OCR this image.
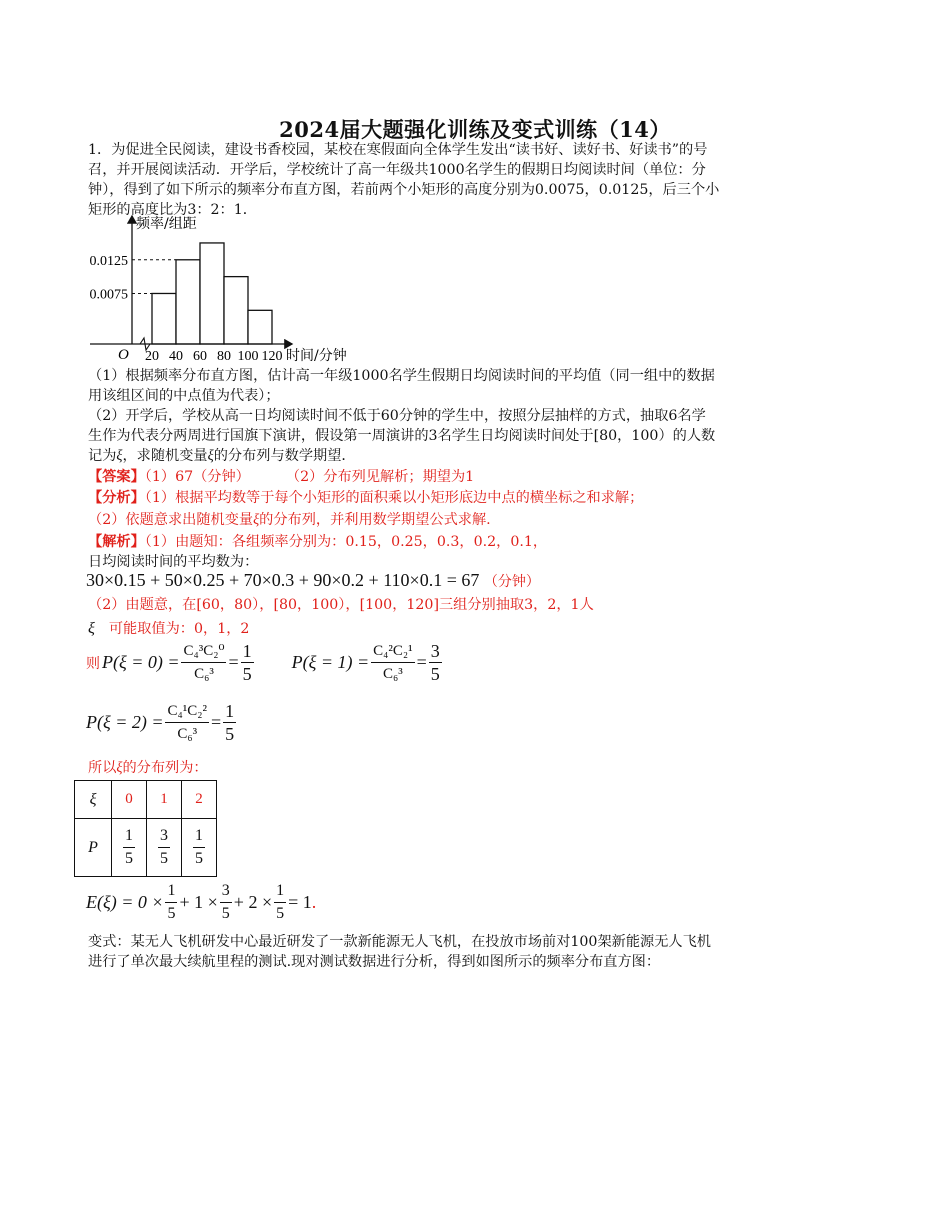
2024届大题强化训练及变式训练（14）
1．为促进全民阅读，建设书香校园，某校在寒假面向全体学生发出“读书好、读好书、好读书”的号
召，并开展阅读活动．开学后，学校统计了高一年级共1000名学生的假期日均阅读时间（单位：分
钟），得到了如下所示的频率分布直方图，若前两个小矩形的高度分别为0.0075，0.0125，后三个小
矩形的高度比为3：2：1．
频率/组距
O	时间/分钟
0.0125
0.0075
20 40 60 80 100 120
（1）根据频率分布直方图，估计高一年级1000名学生假期日均阅读时间的平均值（同一组中的数据
用该组区间的中点值为代表）；
（2）开学后，学校从高一日均阅读时间不低于60分钟的学生中，按照分层抽样的方式，抽取6名学
生作为代表分两周进行国旗下演讲，假设第一周演讲的3名学生日均阅读时间处于[80，100）的人数
记为ξ，求随机变量ξ的分布列与数学期望．
【答案】（1）67（分钟）	（2）分布列见解析；期望为1
【分析】（1）根据平均数等于每个小矩形的面积乘以小矩形底边中点的横坐标之和求解；
（2）依题意求出随机变量ξ的分布列，并利用数学期望公式求解.
【解析】（1）由题知：各组频率分别为：0.15，0.25，0.3，0.2，0.1，
日均阅读时间的平均数为：
30×0.15 + 50×0.25 + 70×0.3 + 90×0.2 + 110×0.1 = 67 （分钟）
（2）由题意，在[60，80），[80，100），[100，120]三组分别抽取3，2，1人
ξ 可能取值为：0，1，2
则 $P(\xi = 0) = \frac{\text{C₄³C₂⁰}}{\text{C₆³}} = \frac{1}{5} P(\xi = 1) = \frac{\text{C₄²C₂¹}}{\text{C₆³}} = \frac{3}{5}$
$P(\xi = 2) = \frac{\text{C₄¹C₂²}}{\text{C₆³}} = \frac{1}{5}$
所以ξ的分布列为：
ξ	0	1	2
P	$\frac{1}{5}$	$\frac{3}{5}$	$\frac{1}{5}$
$E(\xi) = 0 \times \frac{1}{5} + 1 \times \frac{3}{5} + 2 \times \frac{1}{5} = 1$ .
变式：某无人飞机研发中心最近研发了一款新能源无人飞机，在投放市场前对100架新能源无人飞机
进行了单次最大续航里程的测试.现对测试数据进行分析，得到如图所示的频率分布直方图：
